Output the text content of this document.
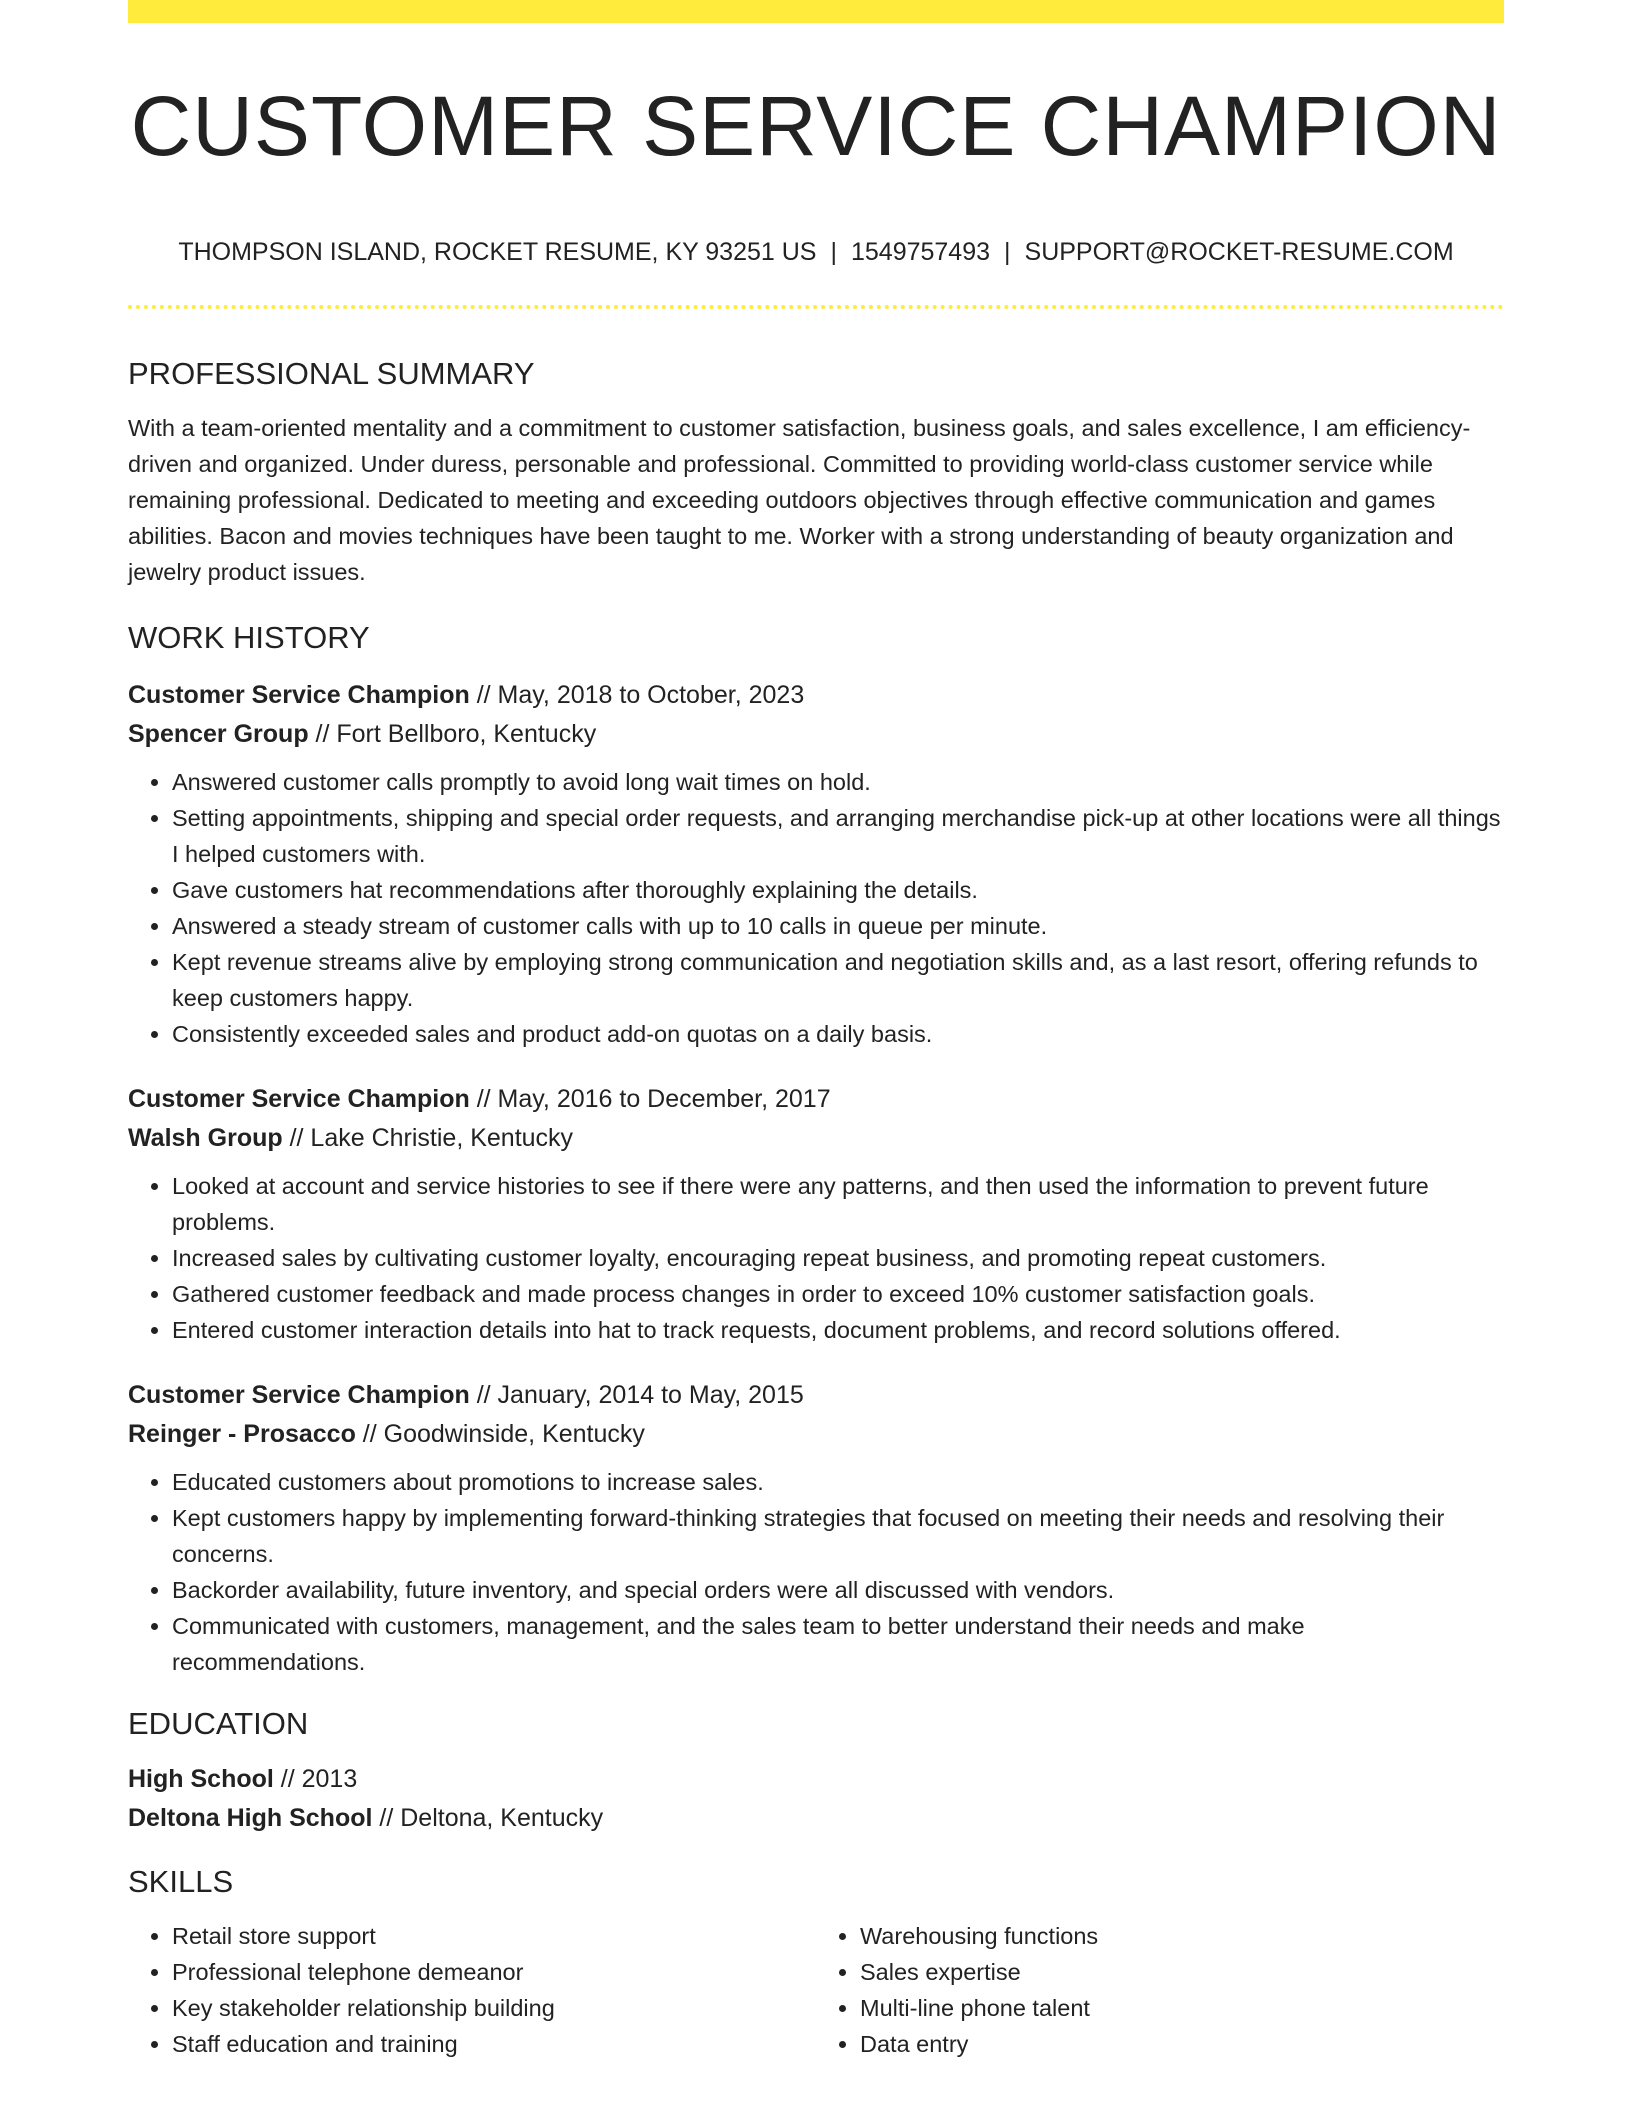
CUSTOMER SERVICE CHAMPION
THOMPSON ISLAND, ROCKET RESUME, KY 93251 US | 1549757493 | SUPPORT@ROCKET-RESUME.COM
PROFESSIONAL SUMMARY

With a team-oriented mentality and a commitment to customer satisfaction, business goals, and sales excellence, I am efficiency-driven and organized. Under duress, personable and professional. Committed to providing world-class customer service while remaining professional. Dedicated to meeting and exceeding outdoors objectives through effective communication and games abilities. Bacon and movies techniques have been taught to me. Worker with a strong understanding of beauty organization and jewelry product issues.

WORK HISTORY
Customer Service Champion // May, 2018 to October, 2023
Spencer Group // Fort Bellboro, Kentucky
• Answered customer calls promptly to avoid long wait times on hold.
• Setting appointments, shipping and special order requests, and arranging merchandise pick-up at other locations were all things I helped customers with.
• Gave customers hat recommendations after thoroughly explaining the details.
• Answered a steady stream of customer calls with up to 10 calls in queue per minute.
• Kept revenue streams alive by employing strong communication and negotiation skills and, as a last resort, offering refunds to keep customers happy.
• Consistently exceeded sales and product add-on quotas on a daily basis.
Customer Service Champion // May, 2016 to December, 2017
Walsh Group // Lake Christie, Kentucky
• Looked at account and service histories to see if there were any patterns, and then used the information to prevent future problems.
• Increased sales by cultivating customer loyalty, encouraging repeat business, and promoting repeat customers.
• Gathered customer feedback and made process changes in order to exceed 10% customer satisfaction goals.
• Entered customer interaction details into hat to track requests, document problems, and record solutions offered.
Customer Service Champion // January, 2014 to May, 2015
Reinger - Prosacco // Goodwinside, Kentucky
• Educated customers about promotions to increase sales.
• Kept customers happy by implementing forward-thinking strategies that focused on meeting their needs and resolving their concerns.
• Backorder availability, future inventory, and special orders were all discussed with vendors.
• Communicated with customers, management, and the sales team to better understand their needs and make recommendations.
EDUCATION
High School // 2013
Deltona High School // Deltona, Kentucky
SKILLS
• Retail store support
• Professional telephone demeanor
• Key stakeholder relationship building
• Staff education and training
• Warehousing functions
• Sales expertise
• Multi-line phone talent
• Data entry
